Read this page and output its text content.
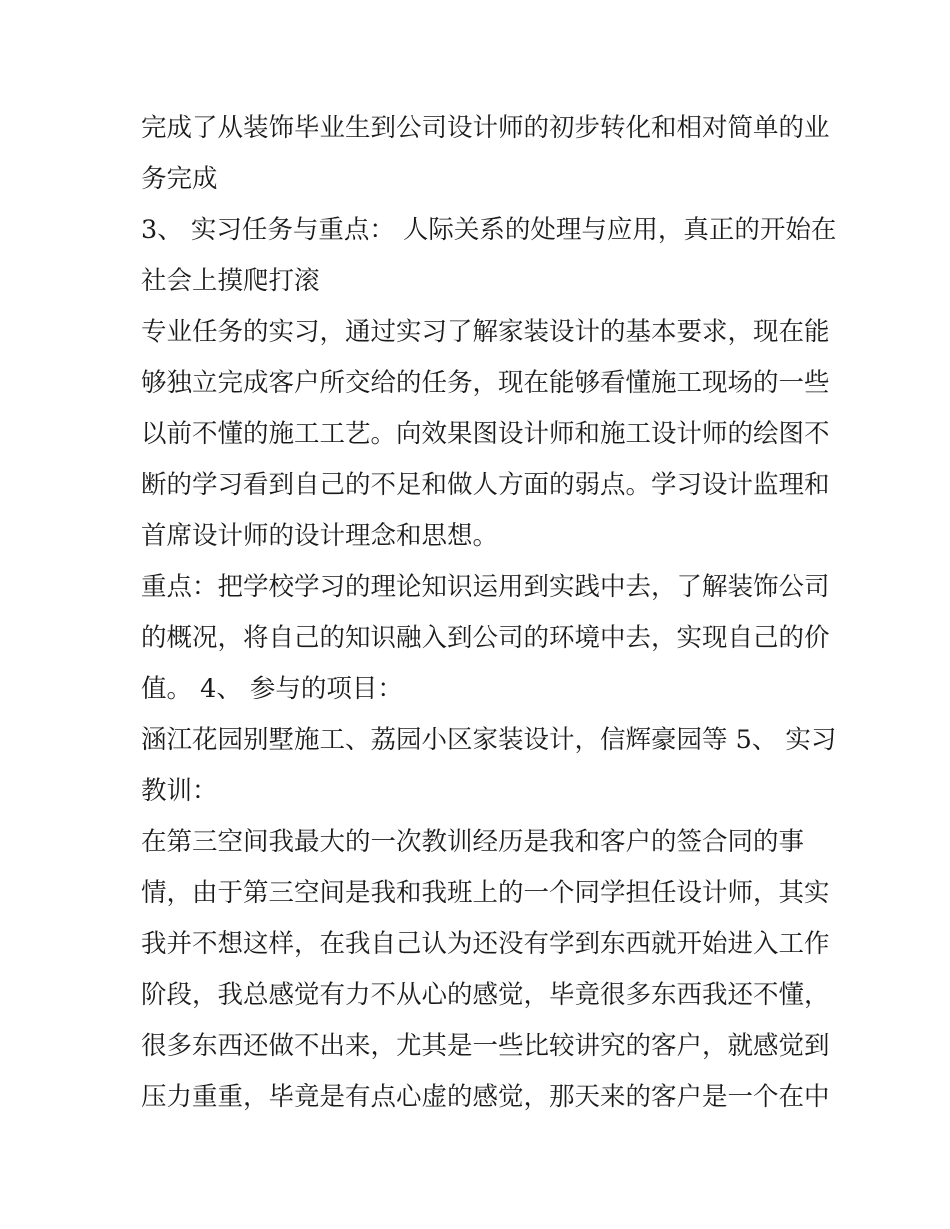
完成了从装饰毕业生到公司设计师的初步转化和相对简单的业
务完成
3、 实习任务与重点： 人际关系的处理与应用，真正的开始在
社会上摸爬打滚
专业任务的实习，通过实习了解家装设计的基本要求，现在能
够独立完成客户所交给的任务，现在能够看懂施工现场的一些
以前不懂的施工工艺。向效果图设计师和施工设计师的绘图不
断的学习看到自己的不足和做人方面的弱点。学习设计监理和
首席设计师的设计理念和思想。
重点：把学校学习的理论知识运用到实践中去，了解装饰公司
的概况，将自己的知识融入到公司的环境中去，实现自己的价
值。 4、 参与的项目：
涵江花园别墅施工、荔园小区家装设计，信辉豪园等 5、 实习
教训：
在第三空间我最大的一次教训经历是我和客户的签合同的事
情，由于第三空间是我和我班上的一个同学担任设计师，其实
我并不想这样，在我自己认为还没有学到东西就开始进入工作
阶段，我总感觉有力不从心的感觉，毕竟很多东西我还不懂，
很多东西还做不出来，尤其是一些比较讲究的客户，就感觉到
压力重重，毕竟是有点心虚的感觉，那天来的客户是一个在中
